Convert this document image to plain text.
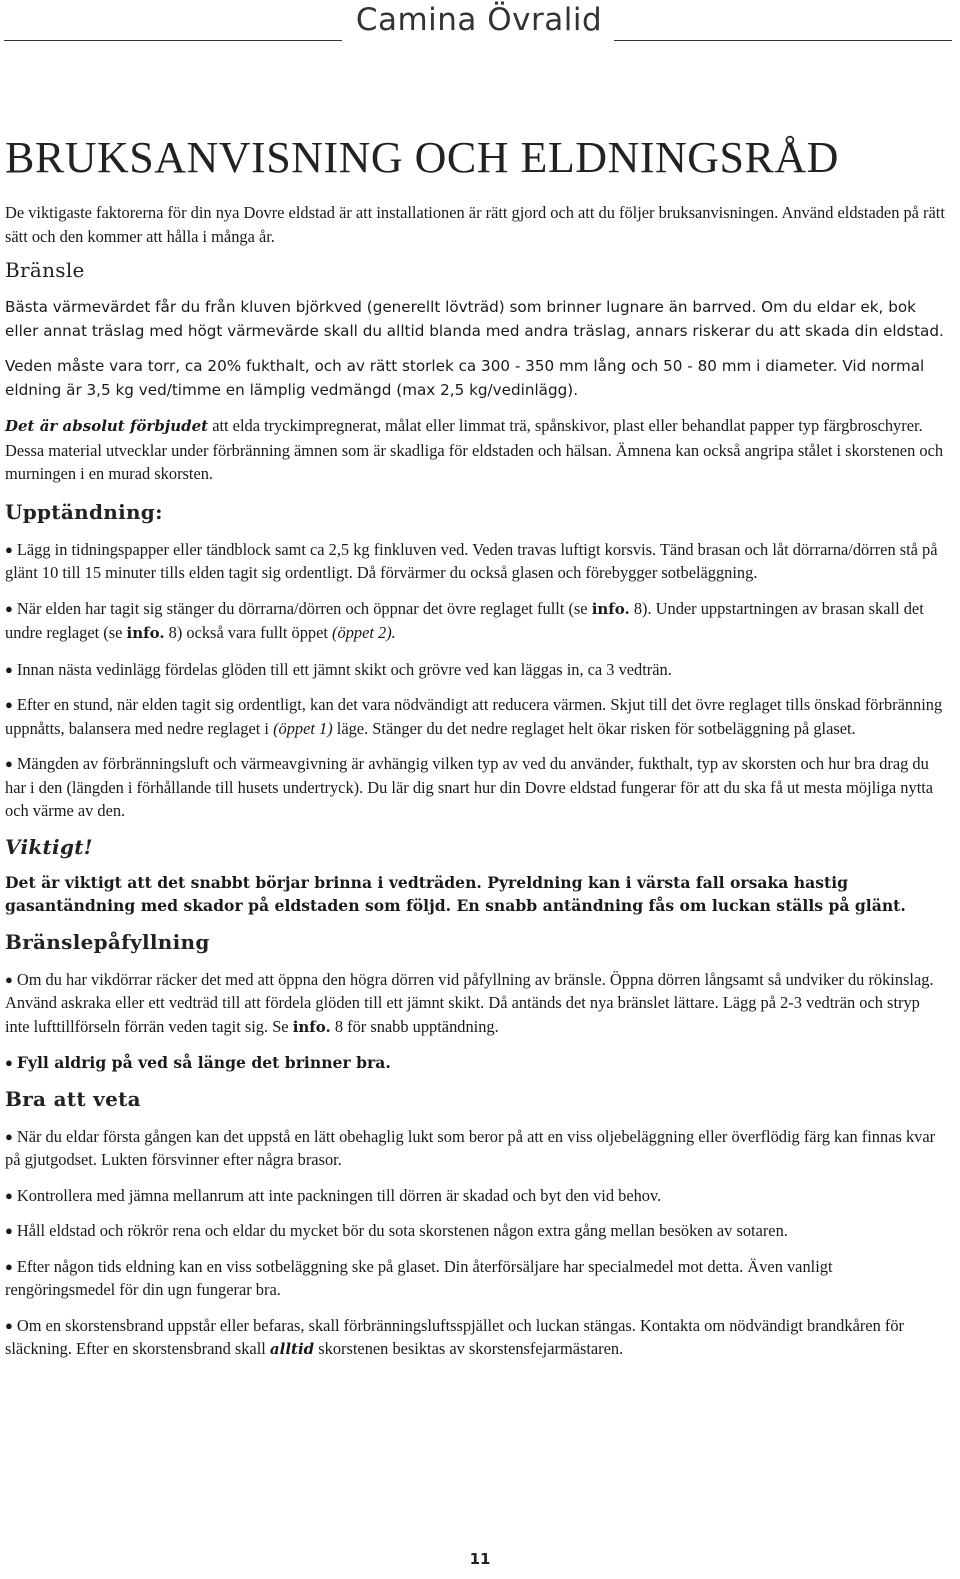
Camina Övralid
BRUKSANVISNING OCH ELDNINGSRÅD

De viktigaste faktorerna för din nya Dovre eldstad är att installationen är rätt gjord och att du följer bruksanvisningen. Använd eldstaden på rätt sätt och den kommer att hålla i många år.

Bränsle

Bästa värmevärdet får du från kluven björkved (generellt lövträd) som brinner lugnare än barrved. Om du eldar ek, bok eller annat träslag med högt värmevärde skall du alltid blanda med andra träslag, annars riskerar du att skada din eldstad.

Veden måste vara torr, ca 20% fukthalt, och av rätt storlek ca 300 - 350 mm lång och 50 - 80 mm i diameter. Vid normal eldning är 3,5 kg ved/timme en lämplig vedmängd (max 2,5 kg/vedinlägg).

Det är absolut förbjudet att elda tryckimpregnerat, målat eller limmat trä, spånskivor, plast eller behandlat papper typ färgbroschyrer. Dessa material utvecklar under förbränning ämnen som är skadliga för eldstaden och hälsan. Ämnena kan också angripa stålet i skorstenen och murningen i en murad skorsten.

Upptändning:

● Lägg in tidningspapper eller tändblock samt ca 2,5 kg finkluven ved. Veden travas luftigt korsvis. Tänd brasan och låt dörrarna/dörren stå på glänt 10 till 15 minuter tills elden tagit sig ordentligt. Då förvärmer du också glasen och förebygger sotbeläggning.

● När elden har tagit sig stänger du dörrarna/dörren och öppnar det övre reglaget fullt (se info. 8). Under uppstartningen av brasan skall det undre reglaget (se info. 8) också vara fullt öppet (öppet 2).

● Innan nästa vedinlägg fördelas glöden till ett jämnt skikt och grövre ved kan läggas in, ca 3 vedträn.

● Efter en stund, när elden tagit sig ordentligt, kan det vara nödvändigt att reducera värmen. Skjut till det övre reglaget tills önskad förbränning uppnåtts, balansera med nedre reglaget i (öppet 1) läge. Stänger du det nedre reglaget helt ökar risken för sotbeläggning på glaset.

● Mängden av förbränningsluft och värmeavgivning är avhängig vilken typ av ved du använder, fukthalt, typ av skorsten och hur bra drag du har i den (längden i förhållande till husets undertryck). Du lär dig snart hur din Dovre eldstad fungerar för att du ska få ut mesta möjliga nytta och värme av den.

Viktigt!

Det är viktigt att det snabbt börjar brinna i vedträden. Pyreldning kan i värsta fall orsaka hastig gasantändning med skador på eldstaden som följd. En snabb antändning fås om luckan ställs på glänt.

Bränslepåfyllning

● Om du har vikdörrar räcker det med att öppna den högra dörren vid påfyllning av bränsle. Öppna dörren långsamt så undviker du rökinslag. Använd askraka eller ett vedträd till att fördela glöden till ett jämnt skikt. Då antänds det nya bränslet lättare. Lägg på 2-3 vedträn och stryp inte lufttillförseln förrän veden tagit sig. Se info. 8 för snabb upptändning.

● Fyll aldrig på ved så länge det brinner bra.

Bra att veta

● När du eldar första gången kan det uppstå en lätt obehaglig lukt som beror på att en viss oljebeläggning eller överflödig färg kan finnas kvar på gjutgodset. Lukten försvinner efter några brasor.

● Kontrollera med jämna mellanrum att inte packningen till dörren är skadad och byt den vid behov.

● Håll eldstad och rökrör rena och eldar du mycket bör du sota skorstenen någon extra gång mellan besöken av sotaren.

● Efter någon tids eldning kan en viss sotbeläggning ske på glaset. Din återförsäljare har specialmedel mot detta. Även vanligt rengöringsmedel för din ugn fungerar bra.

● Om en skorstensbrand uppstår eller befaras, skall förbränningsluftsspjället och luckan stängas. Kontakta om nödvändigt brandkåren för släckning. Efter en skorstensbrand skall alltid skorstenen besiktas av skorstensfejarmästaren.

11
